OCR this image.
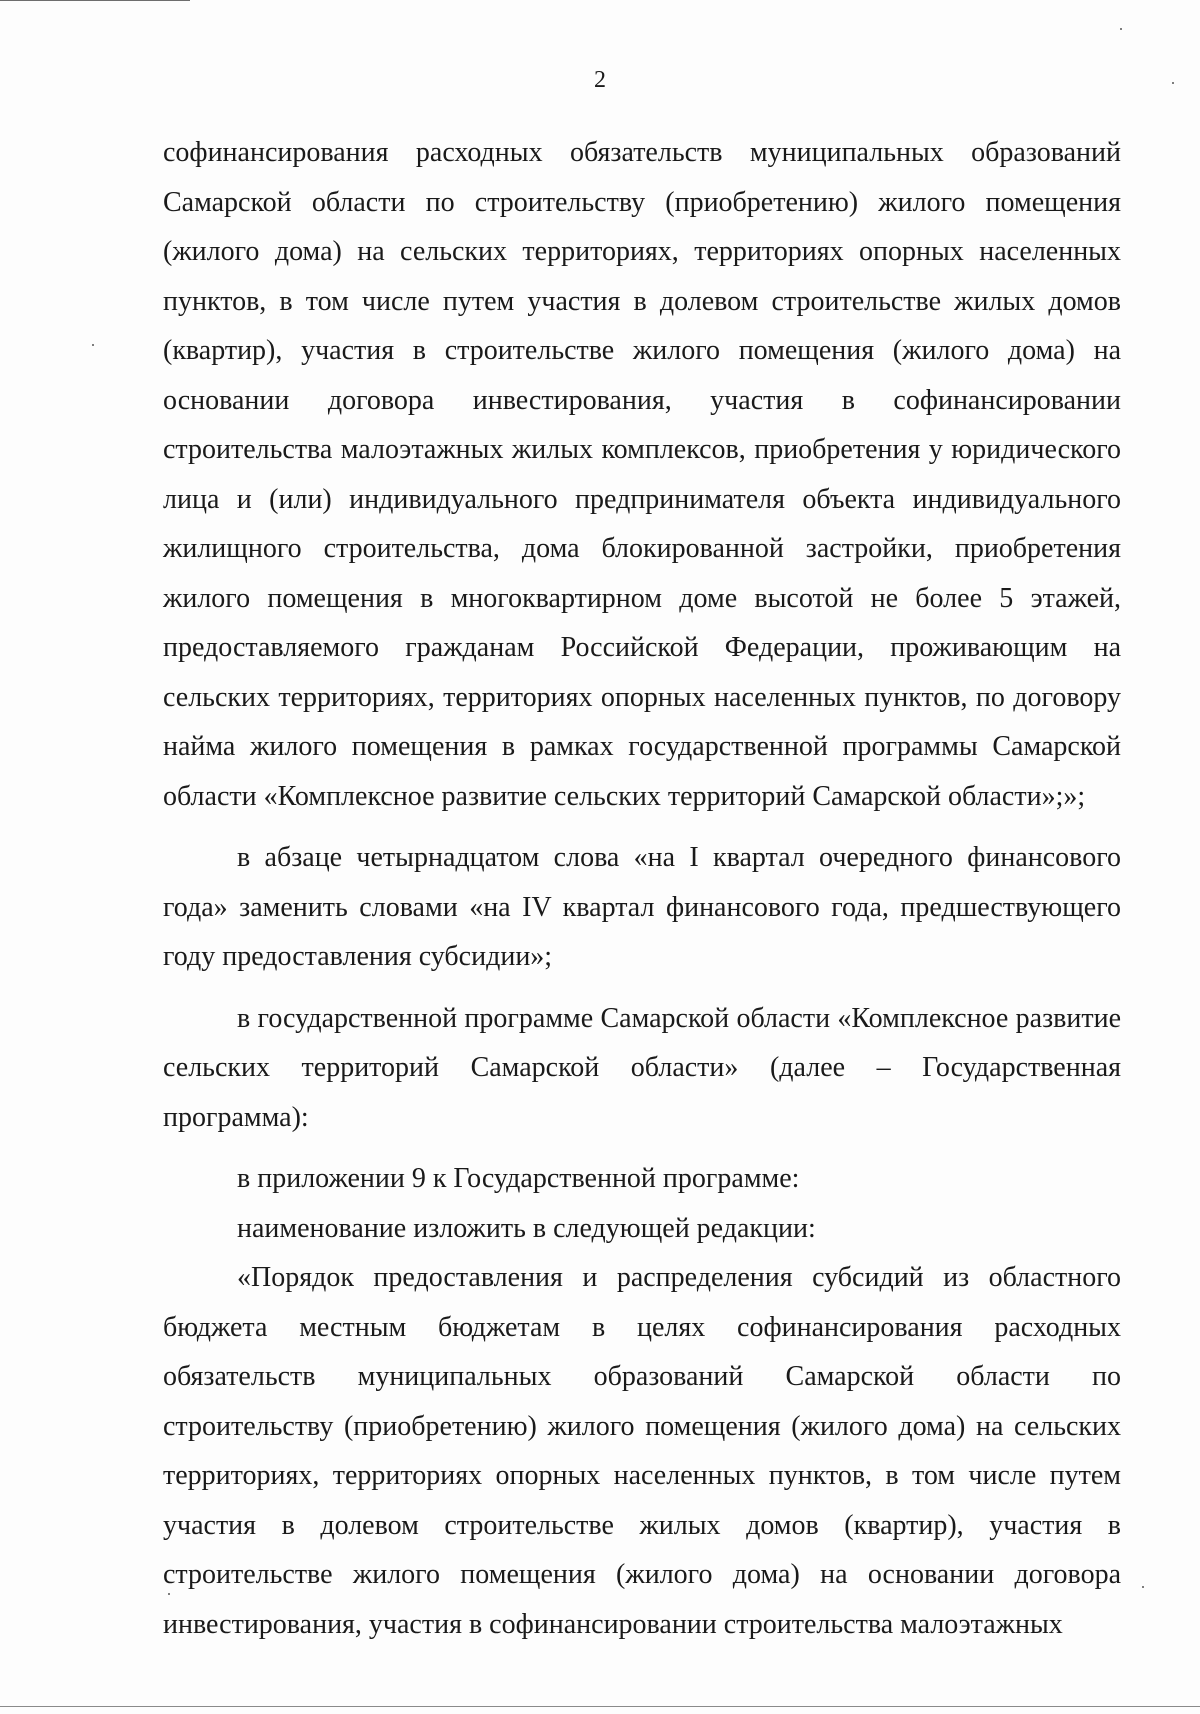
2

софинансирования расходных обязательств муниципальных образований Самарской области по строительству (приобретению) жилого помещения (жилого дома) на сельских территориях, территориях опорных населенных пунктов, в том числе путем участия в долевом строительстве жилых домов (квартир), участия в строительстве жилого помещения (жилого дома) на основании договора инвестирования, участия в софинансировании строительства малоэтажных жилых комплексов, приобретения у юридического лица и (или) индивидуального предпринимателя объекта индивидуального жилищного строительства, дома блокированной застройки, приобретения жилого помещения в многоквартирном доме высотой не более 5 этажей, предоставляемого гражданам Российской Федерации, проживающим на сельских территориях, территориях опорных населенных пунктов, по договору найма жилого помещения в рамках государственной программы Самарской области «Комплексное развитие сельских территорий Самарской области»;»;

в абзаце четырнадцатом слова «на I квартал очередного финансового года» заменить словами «на IV квартал финансового года, предшествующего году предоставления субсидии»;

в государственной программе Самарской области «Комплексное развитие сельских территорий Самарской области» (далее – Государственная программа):

в приложении 9 к Государственной программе:

наименование изложить в следующей редакции:

«Порядок предоставления и распределения субсидий из областного бюджета местным бюджетам в целях софинансирования расходных обязательств муниципальных образований Самарской области по строительству (приобретению) жилого помещения (жилого дома) на сельских территориях, территориях опорных населенных пунктов, в том числе путем участия в долевом строительстве жилых домов (квартир), участия в строительстве жилого помещения (жилого дома) на основании договора инвестирования, участия в софинансировании строительства малоэтажных
